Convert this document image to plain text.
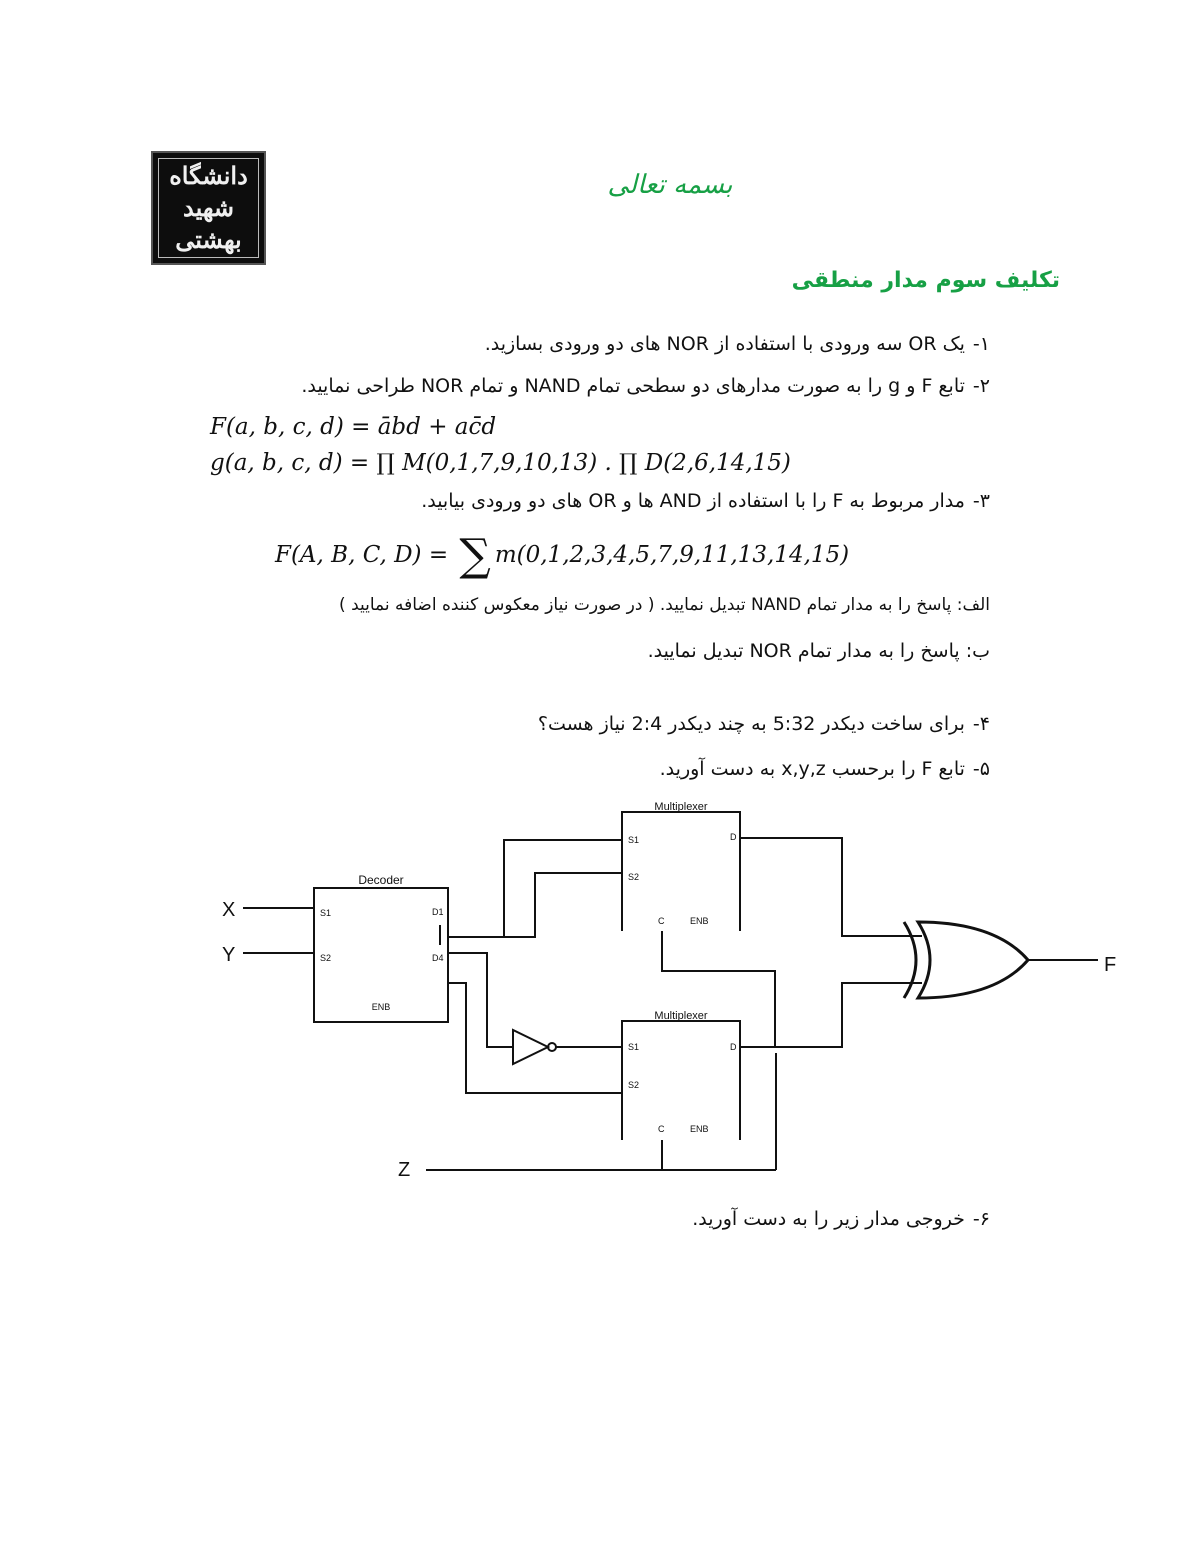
دانشگاه
شهید
بهشتی
بسمه تعالی
تکلیف سوم مدار منطقی
۱-یک OR سه ورودی با استفاده از NOR های دو ورودی بسازید.
۲-تابع F و g را به صورت مدارهای دو سطحی تمام NAND و تمام NOR طراحی نمایید.
F(a, b, c, d) = ābd + ac̄d
g(a, b, c, d) = ∏ M(0,1,7,9,10,13) . ∏ D(2,6,14,15)
۳-مدار مربوط به F را با استفاده از AND ها و OR های دو ورودی بیابید.
F(A, B, C, D) = ∑ m(0,1,2,3,4,5,7,9,11,13,14,15)
الف: پاسخ را به مدار تمام NAND تبدیل نمایید. ( در صورت نیاز معکوس کننده اضافه نمایید )
ب: پاسخ را به مدار تمام NOR تبدیل نمایید.
۴-برای ساخت دیکدر 5:32 به چند دیکدر 2:4 نیاز هست؟
۵-تابع F را برحسب x,y,z به دست آورید.
X
Y
Z
F
Decoder
S1
S2
D1
D4
ENB
Multiplexer
S1
S2
D
C	ENB
Multiplexer
S1
S2
D
C	ENB
۶-خروجی مدار زیر را به دست آورید.
